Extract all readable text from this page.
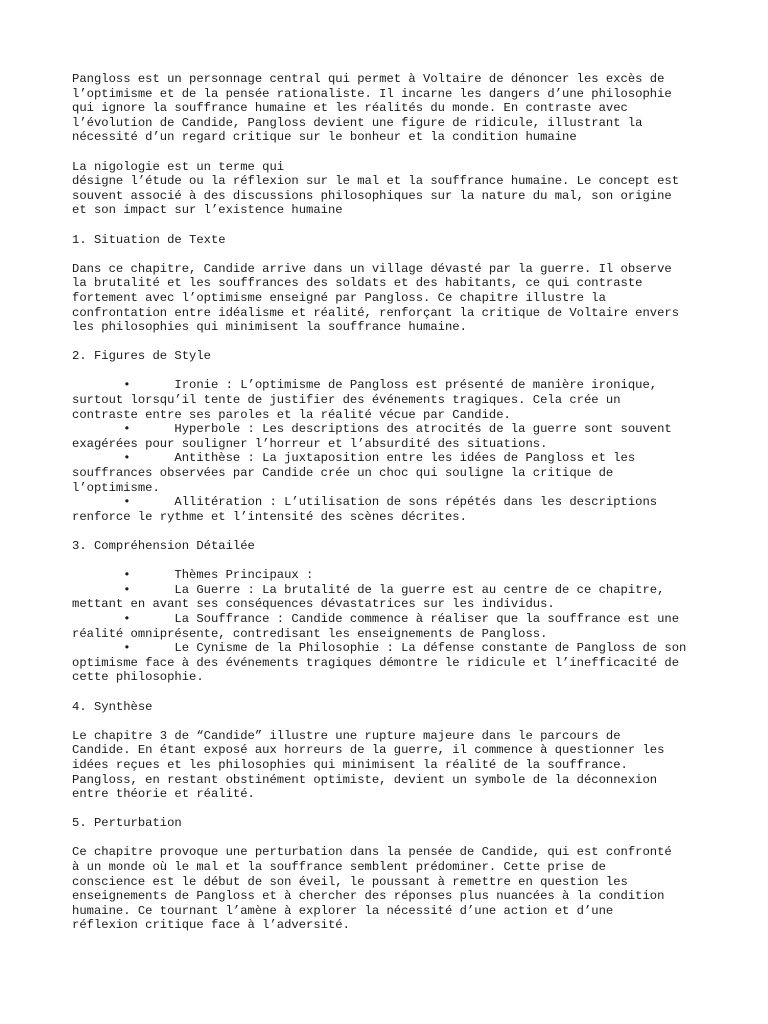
Pangloss est un personnage central qui permet à Voltaire de dénoncer les excès de
l’optimisme et de la pensée rationaliste. Il incarne les dangers d’une philosophie
qui ignore la souffrance humaine et les réalités du monde. En contraste avec
l’évolution de Candide, Pangloss devient une figure de ridicule, illustrant la
nécessité d’un regard critique sur le bonheur et la condition humaine

La nigologie est un terme qui
désigne l’étude ou la réflexion sur le mal et la souffrance humaine. Le concept est
souvent associé à des discussions philosophiques sur la nature du mal, son origine
et son impact sur l’existence humaine

1. Situation de Texte

Dans ce chapitre, Candide arrive dans un village dévasté par la guerre. Il observe
la brutalité et les souffrances des soldats et des habitants, ce qui contraste
fortement avec l’optimisme enseigné par Pangloss. Ce chapitre illustre la
confrontation entre idéalisme et réalité, renforçant la critique de Voltaire envers
les philosophies qui minimisent la souffrance humaine.

2. Figures de Style

•      Ironie : L’optimisme de Pangloss est présenté de manière ironique,
surtout lorsqu’il tente de justifier des événements tragiques. Cela crée un
contraste entre ses paroles et la réalité vécue par Candide.
•      Hyperbole : Les descriptions des atrocités de la guerre sont souvent
exagérées pour souligner l’horreur et l’absurdité des situations.
•      Antithèse : La juxtaposition entre les idées de Pangloss et les
souffrances observées par Candide crée un choc qui souligne la critique de
l’optimisme.
•      Allitération : L’utilisation de sons répétés dans les descriptions
renforce le rythme et l’intensité des scènes décrites.

3. Compréhension Détailée

•      Thèmes Principaux :
•      La Guerre : La brutalité de la guerre est au centre de ce chapitre,
mettant en avant ses conséquences dévastatrices sur les individus.
•      La Souffrance : Candide commence à réaliser que la souffrance est une
réalité omniprésente, contredisant les enseignements de Pangloss.
•      Le Cynisme de la Philosophie : La défense constante de Pangloss de son
optimisme face à des événements tragiques démontre le ridicule et l’inefficacité de
cette philosophie.

4. Synthèse

Le chapitre 3 de “Candide” illustre une rupture majeure dans le parcours de
Candide. En étant exposé aux horreurs de la guerre, il commence à questionner les
idées reçues et les philosophies qui minimisent la réalité de la souffrance.
Pangloss, en restant obstinément optimiste, devient un symbole de la déconnexion
entre théorie et réalité.

5. Perturbation

Ce chapitre provoque une perturbation dans la pensée de Candide, qui est confronté
à un monde où le mal et la souffrance semblent prédominer. Cette prise de
conscience est le début de son éveil, le poussant à remettre en question les
enseignements de Pangloss et à chercher des réponses plus nuancées à la condition
humaine. Ce tournant l’amène à explorer la nécessité d’une action et d’une
réflexion critique face à l’adversité.
